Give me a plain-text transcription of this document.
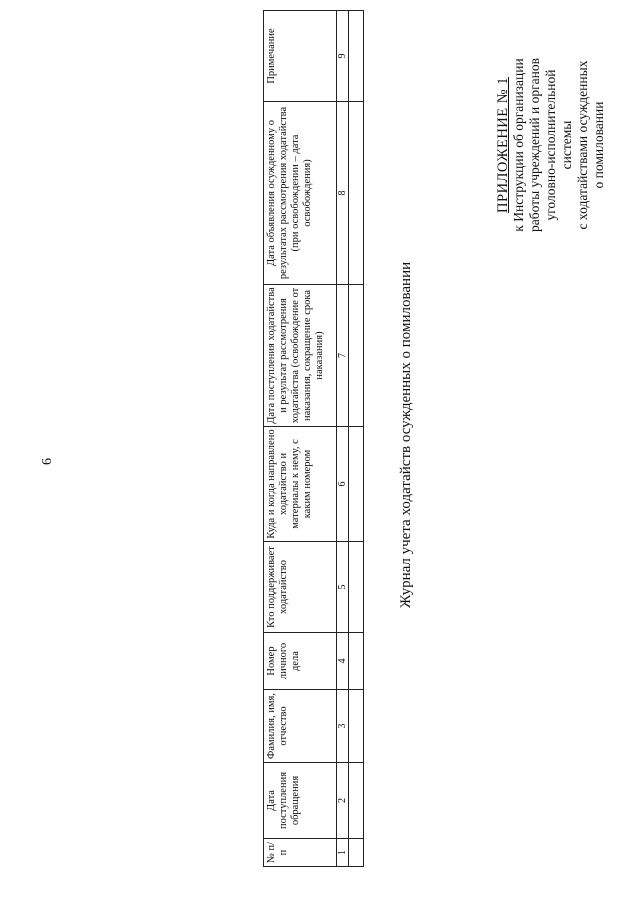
6
ПРИЛОЖЕНИЕ № 1 к Инструкции об организации работы учреждений и органов уголовно-исполнительной системы с ходатайствами осужденных о помиловании
Журнал учета ходатайств осужденных о помиловании
№ п/п	Дата поступления обращения	Фамилия, имя, отчество	Номер личного дела	Кто поддерживает ходатайство	Куда и когда направлено ходатайство и материалы к нему, с каким номером	Дата поступления ходатайства и результат рассмотрения ходатайства (освобождение от наказания, сокращение срока наказания)	Дата объявления осужденному о результатах рассмотрения ходатайства (при освобождении – дата освобождения)	Примечание
1	2	3	4	5	6	7	8	9
